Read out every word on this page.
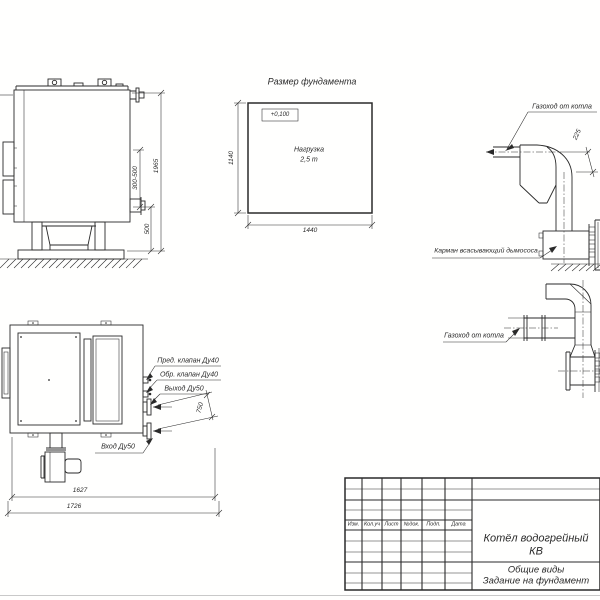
300-500
1965
500
Размер фундамента
+0,100
Нагрузка
2,5 т
1140
1440
Газоход от котла
225
Карман всасывающий дымососа
Газоход от котла
Пред. клапан Ду40
Обр. клапан Ду40
Выход Ду50
Вход Ду50
750
1627
1726
Изм. Кол.уч Лист №док. Подп. Дата
Котёл водогрейный
КВ
Общие виды
Задание на фундамент
